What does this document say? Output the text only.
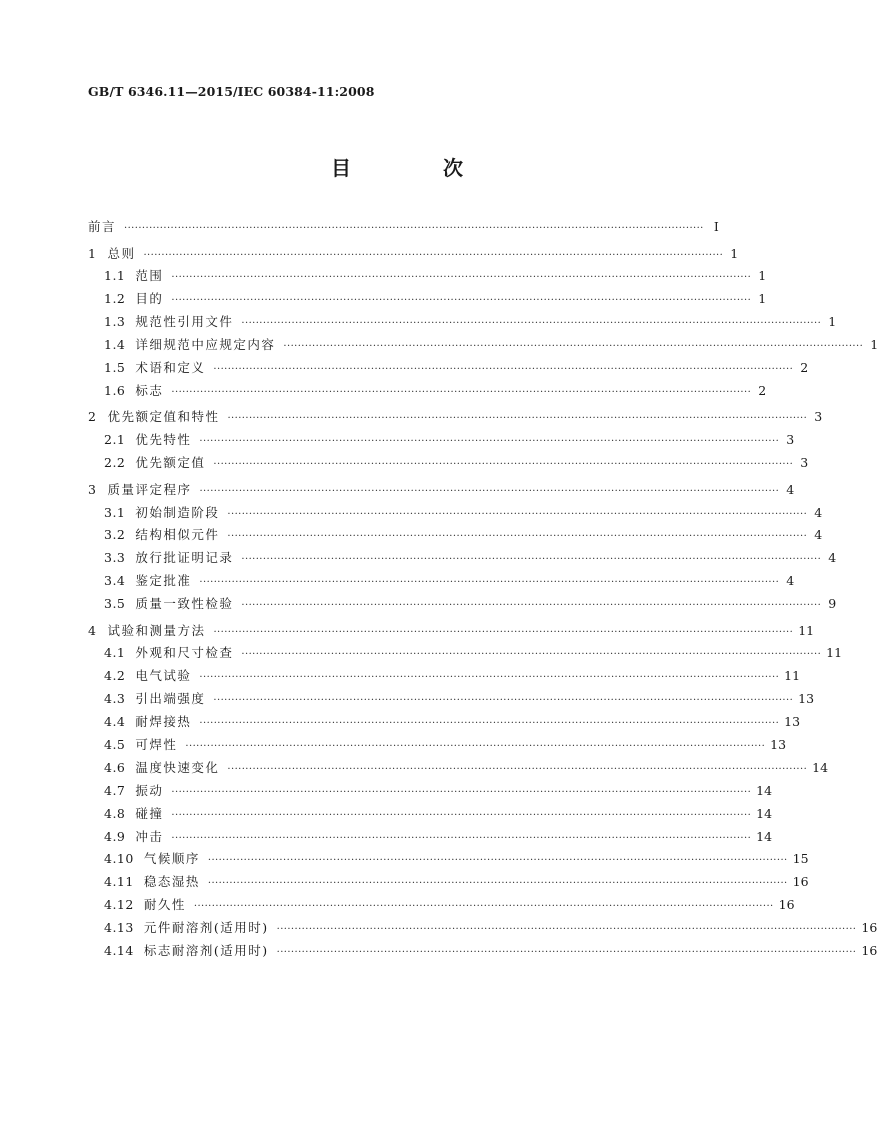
GB/T 6346.11—2015/IEC 60384-11:2008
目　次
前言 ·································································································································································· Ⅰ
1 总则 ·································································································································································· 1
1.1 范围 ·································································································································································· 1
1.2 目的 ·································································································································································· 1
1.3 规范性引用文件 ·································································································································································· 1
1.4 详细规范中应规定内容 ·································································································································································· 1
1.5 术语和定义 ·································································································································································· 2
1.6 标志 ·································································································································································· 2
2 优先额定值和特性 ·································································································································································· 3
2.1 优先特性 ·································································································································································· 3
2.2 优先额定值 ·································································································································································· 3
3 质量评定程序 ·································································································································································· 4
3.1 初始制造阶段 ·································································································································································· 4
3.2 结构相似元件 ·································································································································································· 4
3.3 放行批证明记录 ·································································································································································· 4
3.4 鉴定批准 ·································································································································································· 4
3.5 质量一致性检验 ·································································································································································· 9
4 试验和测量方法 ·································································································································································· 11
4.1 外观和尺寸检查 ·································································································································································· 11
4.2 电气试验 ·································································································································································· 11
4.3 引出端强度 ·································································································································································· 13
4.4 耐焊接热 ·································································································································································· 13
4.5 可焊性 ·································································································································································· 13
4.6 温度快速变化 ·································································································································································· 14
4.7 振动 ·································································································································································· 14
4.8 碰撞 ·································································································································································· 14
4.9 冲击 ·································································································································································· 14
4.10 气候顺序 ·································································································································································· 15
4.11 稳态湿热 ·································································································································································· 16
4.12 耐久性 ·································································································································································· 16
4.13 元件耐溶剂(适用时) ·································································································································································· 16
4.14 标志耐溶剂(适用时) ·································································································································································· 16
